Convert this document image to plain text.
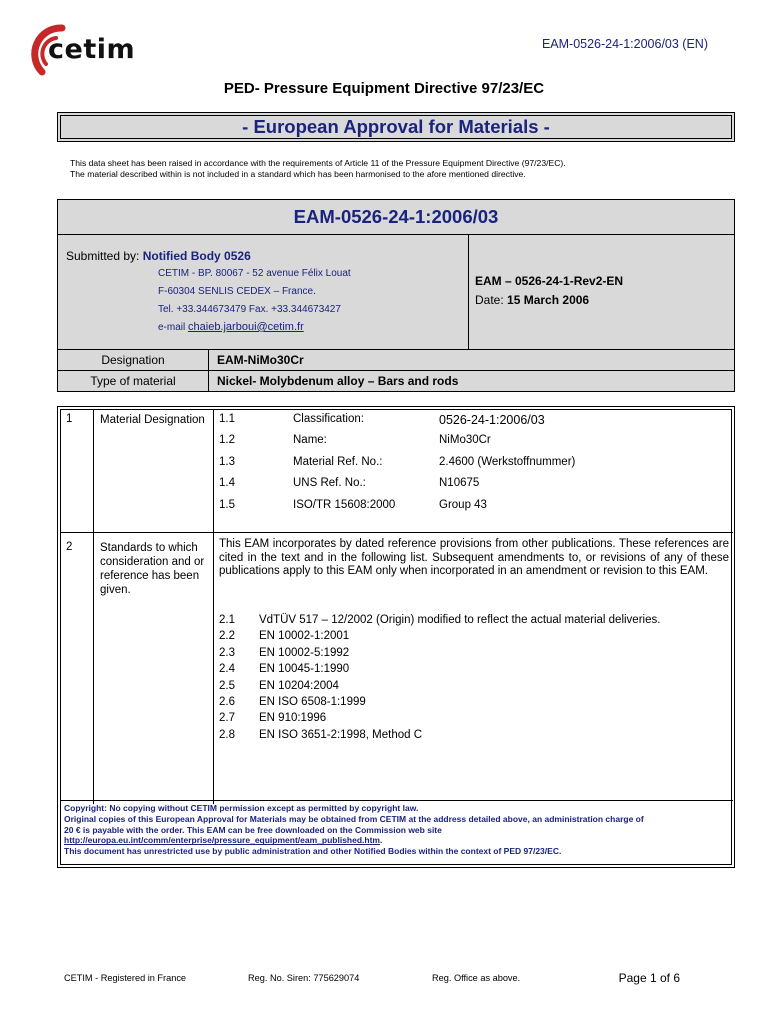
cetim	EAM-0526-24-1:2006/03 (EN)
PED- Pressure Equipment Directive 97/23/EC
- European Approval for Materials -
This data sheet has been raised in accordance with the requirements of Article 11 of the Pressure Equipment Directive (97/23/EC).
The material described within is not included in a standard which has been harmonised to the afore mentioned directive.
EAM-0526-24-1:2006/03
Submitted by: Notified Body 0526
CETIM - BP. 80067 - 52 avenue Félix Louat
F-60304 SENLIS CEDEX – France.
Tel. +33.344673479 Fax. +33.344673427
e-mail chaieb.jarboui@cetim.fr
EAM – 0526-24-1-Rev2-EN
Date: 15 March 2006
Designation	EAM-NiMo30Cr
Type of material	Nickel- Molybdenum alloy – Bars and rods
1 Material Designation	1.1	Classification:	0526-24-1:2006/03
1.2	Name:	NiMo30Cr
1.3	Material Ref. No.:	2.4600 (Werkstoffnummer)
1.4	UNS Ref. No.:	N10675
1.5	ISO/TR 15608:2000	Group 43
2 Standards to which consideration and or reference has been given.
This EAM incorporates by dated reference provisions from other publications. These references are cited in the text and in the following list. Subsequent amendments to, or revisions of any of these publications apply to this EAM only when incorporated in an amendment or revision to this EAM.
2.1 VdTÜV 517 – 12/2002 (Origin) modified to reflect the actual material deliveries.
2.2 EN 10002-1:2001
2.3 EN 10002-5:1992
2.4 EN 10045-1:1990
2.5 EN 10204:2004
2.6 EN ISO 6508-1:1999
2.7 EN 910:1996
2.8 EN ISO 3651-2:1998, Method C
Copyright: No copying without CETIM permission except as permitted by copyright law.
Original copies of this European Approval for Materials may be obtained from CETIM at the address detailed above, an administration charge of
20 € is payable with the order. This EAM can be free downloaded on the Commission web site
http://europa.eu.int/comm/enterprise/pressure_equipment/eam_published.htm.
This document has unrestricted use by public administration and other Notified Bodies within the context of PED 97/23/EC.
CETIM - Registered in France	Reg. No. Siren: 775629074	Reg. Office as above.	Page 1 of 6
